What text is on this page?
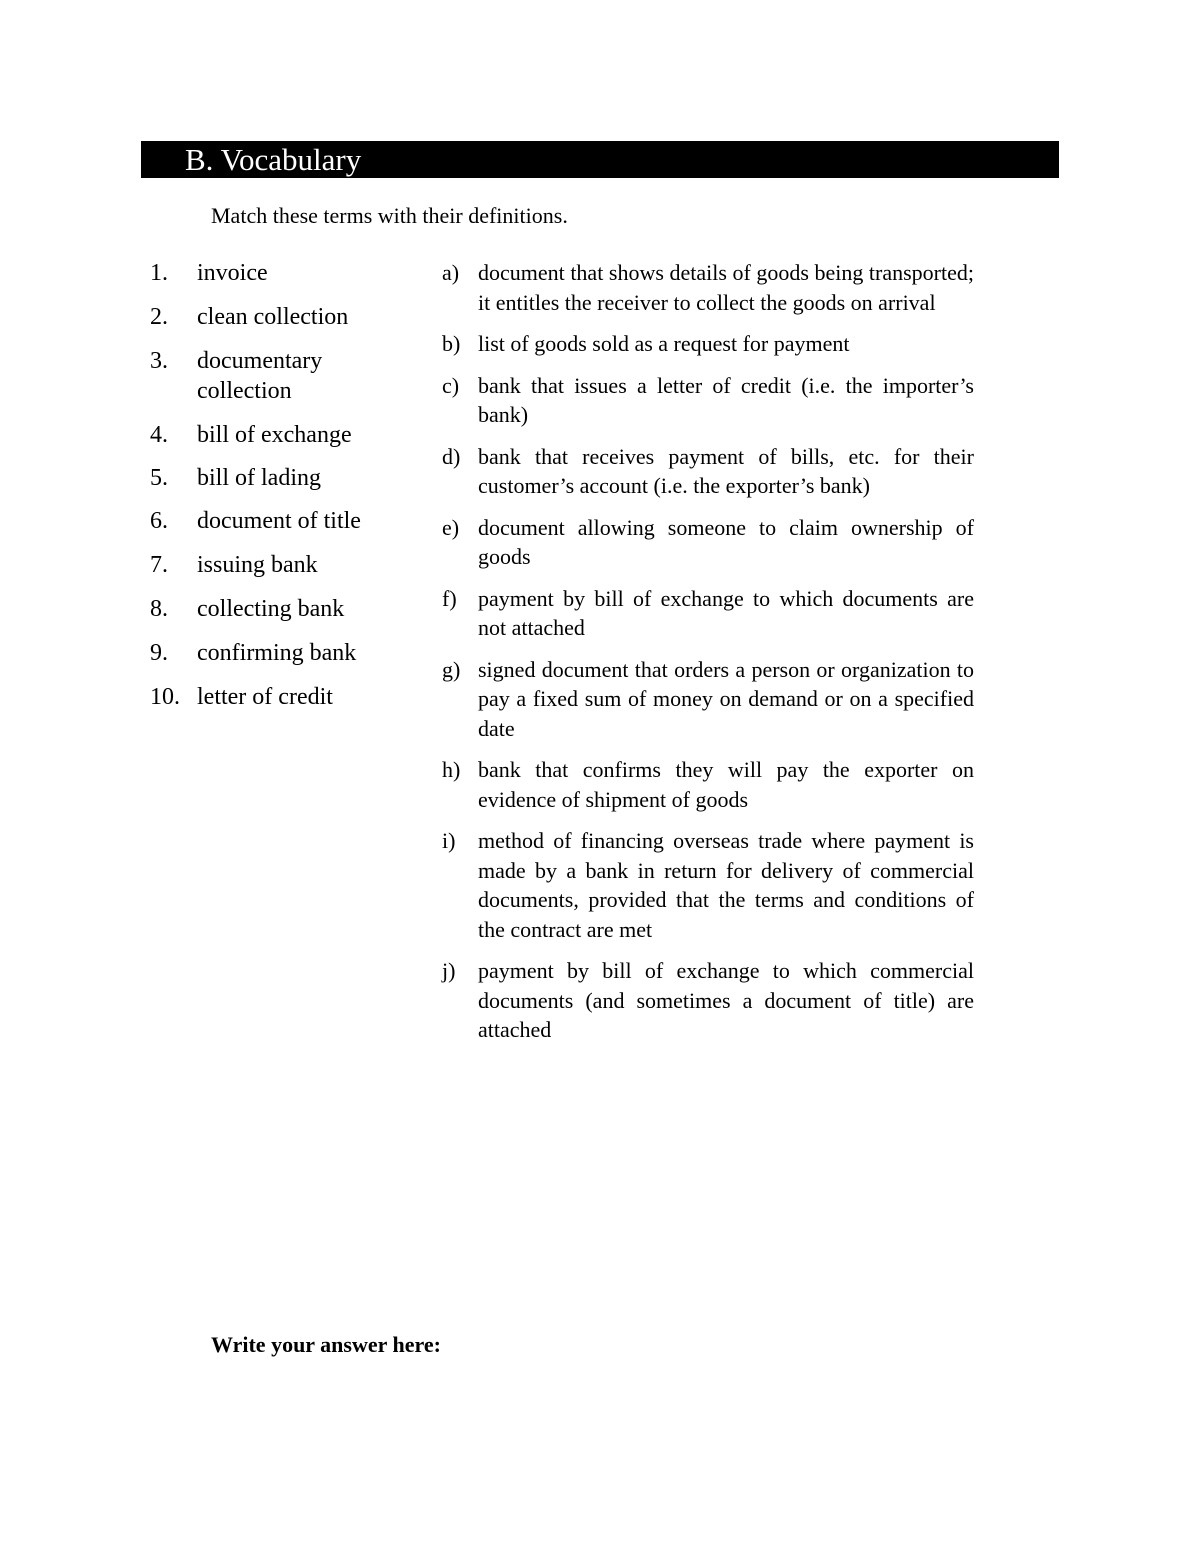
B. Vocabulary
Match these terms with their definitions.
1.	invoice
2.	clean collection
3.	documentary collection
4.	bill of exchange
5.	bill of lading
6.	document of title
7.	issuing bank
8.	collecting bank
9.	confirming bank
10. letter of credit
a) document that shows details of goods being transported; it entitles the receiver to collect the goods on arrival
b) list of goods sold as a request for payment
c) bank that issues a letter of credit (i.e. the importer’s bank)
d) bank that receives payment of bills, etc. for their customer’s account (i.e. the exporter’s bank)
e) document allowing someone to claim ownership of goods
f) payment by bill of exchange to which documents are not attached
g) signed document that orders a person or organization to pay a fixed sum of money on demand or on a specified date
h) bank that confirms they will pay the exporter on evidence of shipment of goods
i)	method of financing overseas trade where payment is made by a bank in return for delivery of commercial documents, provided that the terms and conditions of the contract are met
j)	payment by bill of exchange to which commercial documents (and sometimes a document of title) are attached
Write your answer here:
